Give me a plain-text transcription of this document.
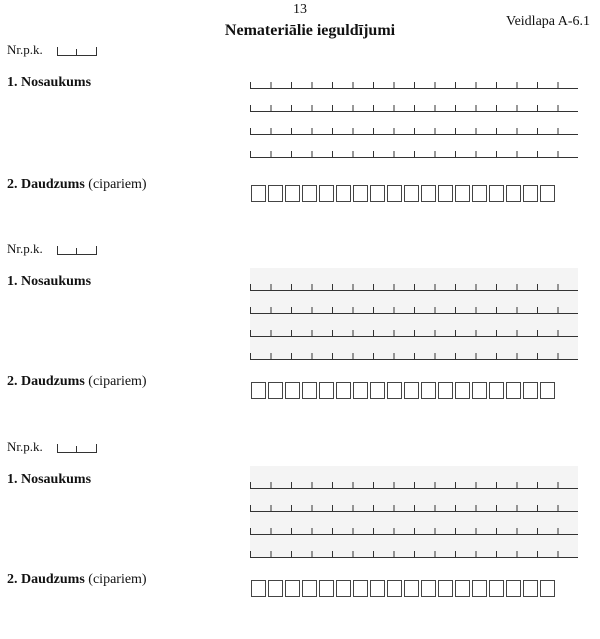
13
Nemateriālie ieguldījumi
Veidlapa A-6.1
Nr.p.k.
1. Nosaukums
2. Daudzums (cipariem)
Nr.p.k.
1. Nosaukums
2. Daudzums (cipariem)
Nr.p.k.
1. Nosaukums
2. Daudzums (cipariem)
